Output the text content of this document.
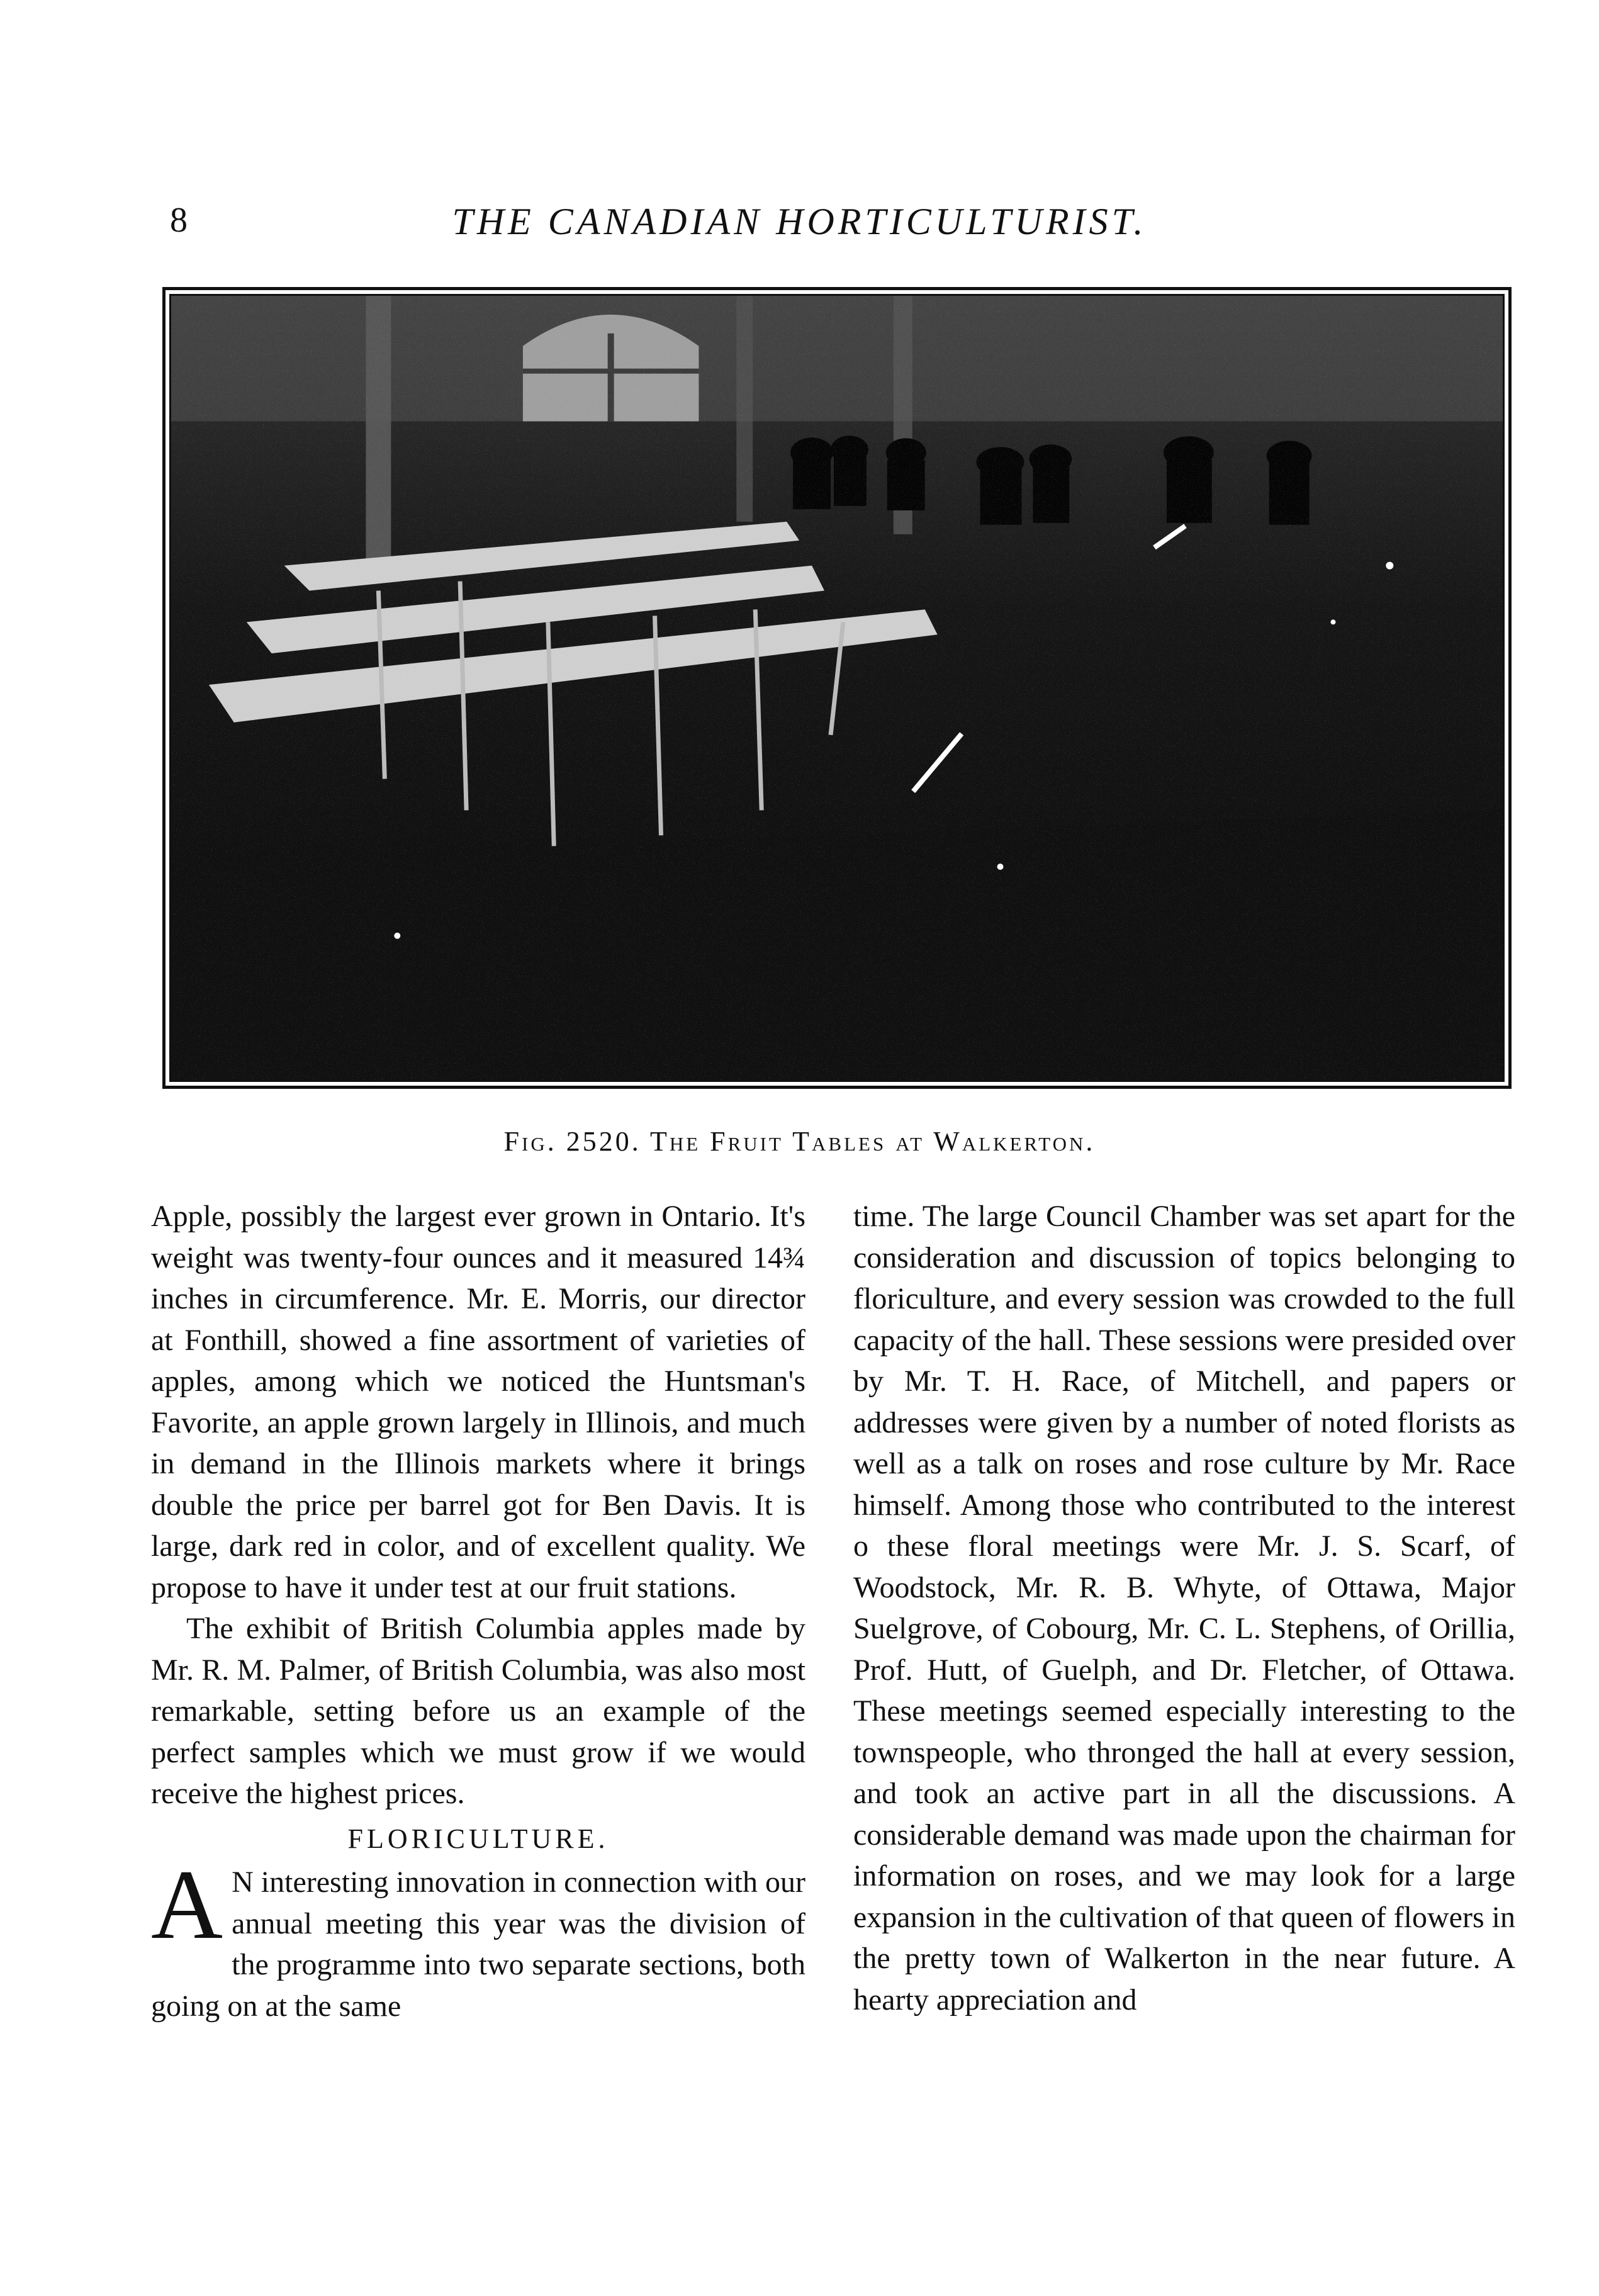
8	THE CANADIAN HORTICULTURIST.
Fig. 2520. The Fruit Tables at Walkerton.

Apple, possibly the largest ever grown in Ontario. It's weight was twenty-four ounces and it measured 14¾ inches in circumference. Mr. E. Morris, our director at Fonthill, showed a fine assortment of varieties of apples, among which we noticed the Huntsman's Favorite, an apple grown largely in Illinois, and much in demand in the Illinois markets where it brings double the price per barrel got for Ben Davis. It is large, dark red in color, and of excellent quality. We propose to have it under test at our fruit stations.

The exhibit of British Columbia apples made by Mr. R. M. Palmer, of British Columbia, was also most remarkable, setting before us an example of the perfect samples which we must grow if we would receive the highest prices.

FLORICULTURE.

A N interesting innovation in connection with our annual meeting this year was the division of the programme into two separate sections, both going on at the same

time. The large Council Chamber was set apart for the consideration and discussion of topics belonging to floriculture, and every session was crowded to the full capacity of the hall. These sessions were presided over by Mr. T. H. Race, of Mitchell, and papers or addresses were given by a number of noted florists as well as a talk on roses and rose culture by Mr. Race himself. Among those who contributed to the interest o these floral meetings were Mr. J. S. Scarf, of Woodstock, Mr. R. B. Whyte, of Ottawa, Major Suelgrove, of Cobourg, Mr. C. L. Stephens, of Orillia, Prof. Hutt, of Guelph, and Dr. Fletcher, of Ottawa. These meetings seemed especially interesting to the townspeople, who thronged the hall at every session, and took an active part in all the discussions. A considerable demand was made upon the chairman for information on roses, and we may look for a large expansion in the cultivation of that queen of flowers in the pretty town of Walkerton in the near future. A hearty appreciation and
